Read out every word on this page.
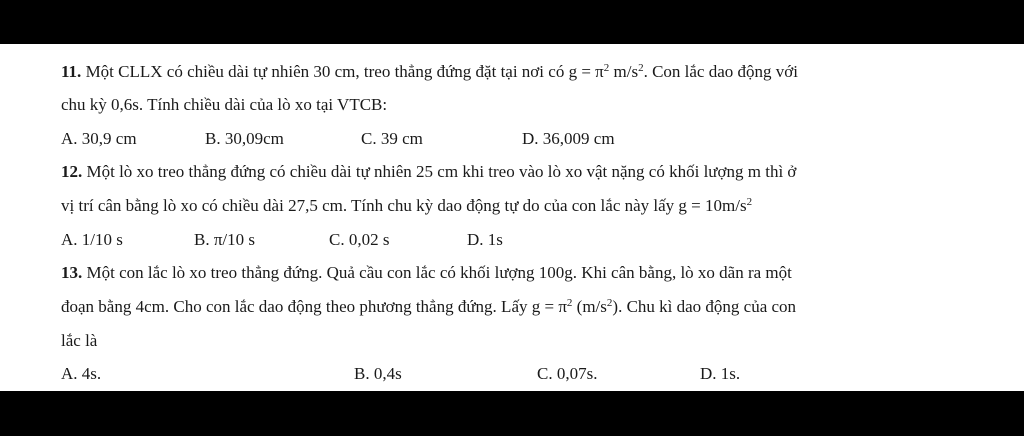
11. Một CLLX có chiều dài tự nhiên 30 cm, treo thẳng đứng đặt tại nơi có $g = \pi^2$ $m/s^2$. Con lắc dao động với
chu kỳ 0,6s. Tính chiều dài của lò xo tại VTCB:
A. 30,9 cm	B. 30,09cm	C. 39 cm	D. 36,009 cm
12. Một lò xo treo thẳng đứng có chiều dài tự nhiên 25 cm khi treo vào lò xo vật nặng có khối lượng m thì ở
vị trí cân bằng lò xo có chiều dài 27,5 cm. Tính chu kỳ dao động tự do của con lắc này lấy $g = 10m/s^2$
A. 1/10 s	B. π/10 s	C. 0,02 s	D. 1s
13. Một con lắc lò xo treo thẳng đứng. Quả cầu con lắc có khối lượng 100g. Khi cân bằng, lò xo dãn ra một
đoạn bằng 4cm. Cho con lắc dao động theo phương thẳng đứng. Lấy $g = \pi^2$ $(m/s^2)$. Chu kì dao động của con
lắc là
A. 4s.	B. 0,4s	C. 0,07s.	D. 1s.
